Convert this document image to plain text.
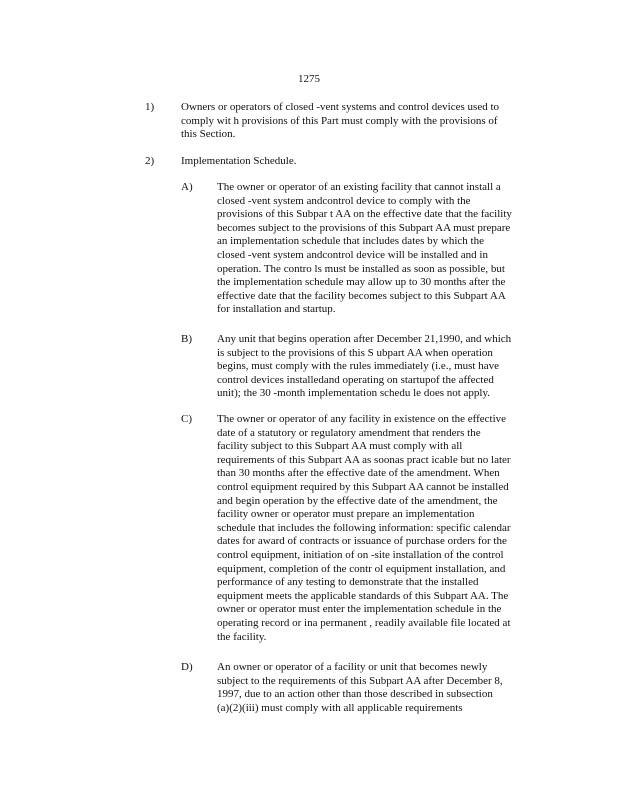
1275
1) Owners or operators of closed -vent systems and control devices used to
comply wit h provisions of this Part must comply with the provisions of
this Section.
2) Implementation Schedule.
A) The owner or operator of an existing facility that cannot install a
closed -vent system andcontrol device to comply with the
provisions of this Subpar t AA on the effective date that the facility
becomes subject to the provisions of this Subpart AA must prepare
an implementation schedule that includes dates by which the
closed -vent system andcontrol device will be installed and in
operation. The contro ls must be installed as soon as possible, but
the implementation schedule may allow up to 30 months after the
effective date that the facility becomes subject to this Subpart AA
for installation and startup.
B) Any unit that begins operation after December 21,1990, and which
is subject to the provisions of this S ubpart AA when operation
begins, must comply with the rules immediately (i.e., must have
control devices installedand operating on startupof the affected
unit); the 30 -month implementation schedu le does not apply.
C) The owner or operator of any facility in existence on the effective
date of a statutory or regulatory amendment that renders the
facility subject to this Subpart AA must comply with all
requirements of this Subpart AA as soonas pract icable but no later
than 30 months after the effective date of the amendment. When
control equipment required by this Subpart AA cannot be installed
and begin operation by the effective date of the amendment, the
facility owner or operator must prepare an implementation
schedule that includes the following information: specific calendar
dates for award of contracts or issuance of purchase orders for the
control equipment, initiation of on -site installation of the control
equipment, completion of the contr ol equipment installation, and
performance of any testing to demonstrate that the installed
equipment meets the applicable standards of this Subpart AA. The
owner or operator must enter the implementation schedule in the
operating record or ina permanent , readily available file located at
the facility.
D) An owner or operator of a facility or unit that becomes newly
subject to the requirements of this Subpart AA after December 8,
1997, due to an action other than those described in subsection
(a)(2)(iii) must comply with all applicable requirements
